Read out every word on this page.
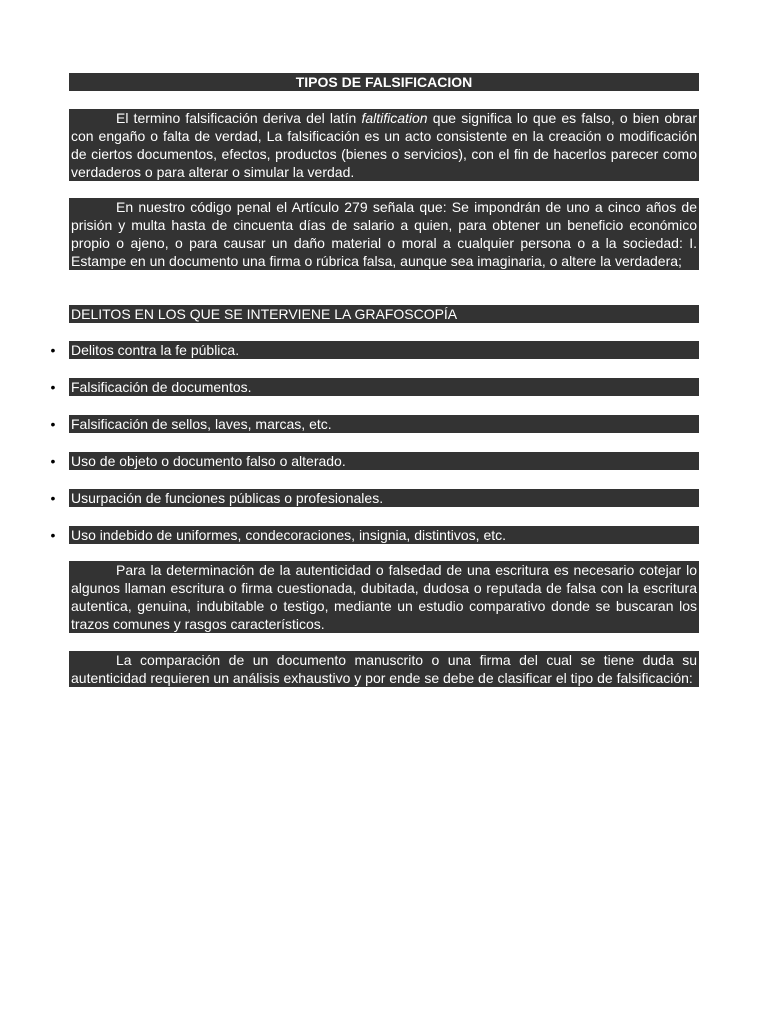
TIPOS DE FALSIFICACION
El termino falsificación deriva del latín faltification que significa lo que es falso, o bien obrar con engaño o falta de verdad, La falsificación es un acto consistente en la creación o modificación de ciertos documentos, efectos, productos (bienes o servicios), con el fin de hacerlos parecer como verdaderos o para alterar o simular la verdad.
En nuestro código penal el Artículo 279 señala que: Se impondrán de uno a cinco años de prisión y multa hasta de cincuenta días de salario a quien, para obtener un beneficio económico propio o ajeno, o para causar un daño material o moral a cualquier persona o a la sociedad: I. Estampe en un documento una firma o rúbrica falsa, aunque sea imaginaria, o altere la verdadera;
DELITOS EN LOS QUE SE INTERVIENE LA GRAFOSCOPÍA
• Delitos contra la fe pública.
• Falsificación de documentos.
• Falsificación de sellos, laves, marcas, etc.
• Uso de objeto o documento falso o alterado.
• Usurpación de funciones públicas o profesionales.
• Uso indebido de uniformes, condecoraciones, insignia, distintivos, etc.
Para la determinación de la autenticidad o falsedad de una escritura es necesario cotejar lo algunos llaman escritura o firma cuestionada, dubitada, dudosa o reputada de falsa con la escritura autentica, genuina, indubitable o testigo, mediante un estudio comparativo donde se buscaran los trazos comunes y rasgos característicos.
La comparación de un documento manuscrito o una firma del cual se tiene duda su autenticidad requieren un análisis exhaustivo y por ende se debe de clasificar el tipo de falsificación:
